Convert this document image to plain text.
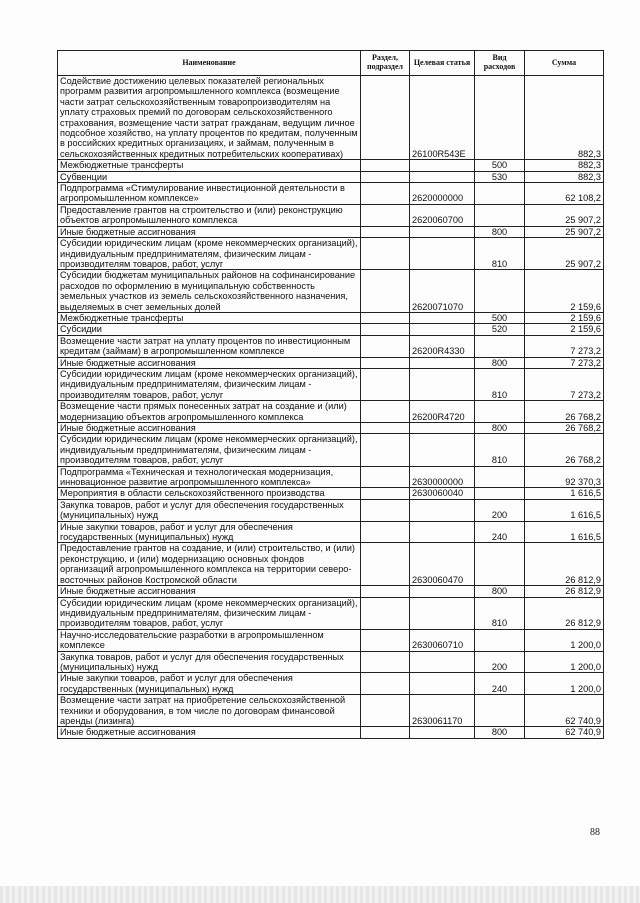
Наименование	Раздел, подраздел	Целевая статья	Вид расходов	Сумма
Содействие достижению целевых показателей региональных программ развития агропромышленного комплекса (возмещение части затрат сельскохозяйственным товаропроизводителям на уплату страховых премий по договорам сельскохозяйственного страхования, возмещение части затрат гражданам, ведущим личное подсобное хозяйство, на уплату процентов по кредитам, полученным в российских кредитных организациях, и займам, полученным в сельскохозяйственных кредитных потребительских кооперативах)		26100R543E		882,3
Межбюджетные трансферты			500	882,3
Субвенции			530	882,3
Подпрограмма «Стимулирование инвестиционной деятельности в агропромышленном комплексе»		2620000000		62 108,2
Предоставление грантов на строительство и (или) реконструкцию объектов агропромышленного комплекса		2620060700		25 907,2
Иные бюджетные ассигнования			800	25 907,2
Субсидии юридическим лицам (кроме некоммерческих организаций), индивидуальным предпринимателям, физическим лицам - производителям товаров, работ, услуг			810	25 907,2
Субсидии бюджетам муниципальных районов на софинансирование расходов по оформлению в муниципальную собственность земельных участков из земель сельскохозяйственного назначения, выделяемых в счет земельных долей		2620071070		2 159,6
Межбюджетные трансферты			500	2 159,6
Субсидии			520	2 159,6
Возмещение части затрат на уплату процентов по инвестиционным кредитам (займам) в агропромышленном комплексе		26200R4330		7 273,2
Иные бюджетные ассигнования			800	7 273,2
Субсидии юридическим лицам (кроме некоммерческих организаций), индивидуальным предпринимателям, физическим лицам - производителям товаров, работ, услуг			810	7 273,2
Возмещение части прямых понесенных затрат на создание и (или) модернизацию объектов агропромышленного комплекса		26200R4720		26 768,2
Иные бюджетные ассигнования			800	26 768,2
Субсидии юридическим лицам (кроме некоммерческих организаций), индивидуальным предпринимателям, физическим лицам - производителям товаров, работ, услуг			810	26 768,2
Подпрограмма «Техническая и технологическая модернизация, инновационное развитие агропромышленного комплекса»		2630000000		92 370,3
Мероприятия в области сельскохозяйственного производства		2630060040		1 616,5
Закупка товаров, работ и услуг для обеспечения государственных (муниципальных) нужд			200	1 616,5
Иные закупки товаров, работ и услуг для обеспечения государственных (муниципальных) нужд			240	1 616,5
Предоставление грантов на создание, и (или) строительство, и (или) реконструкцию, и (или) модернизацию основных фондов организаций агропромышленного комплекса на территории северо-восточных районов Костромской области		2630060470		26 812,9
Иные бюджетные ассигнования			800	26 812,9
Субсидии юридическим лицам (кроме некоммерческих организаций), индивидуальным предпринимателям, физическим лицам - производителям товаров, работ, услуг			810	26 812,9
Научно-исследовательские разработки в агропромышленном комплексе		2630060710		1 200,0
Закупка товаров, работ и услуг для обеспечения государственных (муниципальных) нужд			200	1 200,0
Иные закупки товаров, работ и услуг для обеспечения государственных (муниципальных) нужд			240	1 200,0
Возмещение части затрат на приобретение сельскохозяйственной техники и оборудования, в том числе по договорам финансовой аренды (лизинга)		2630061170		62 740,9
Иные бюджетные ассигнования			800	62 740,9
88
